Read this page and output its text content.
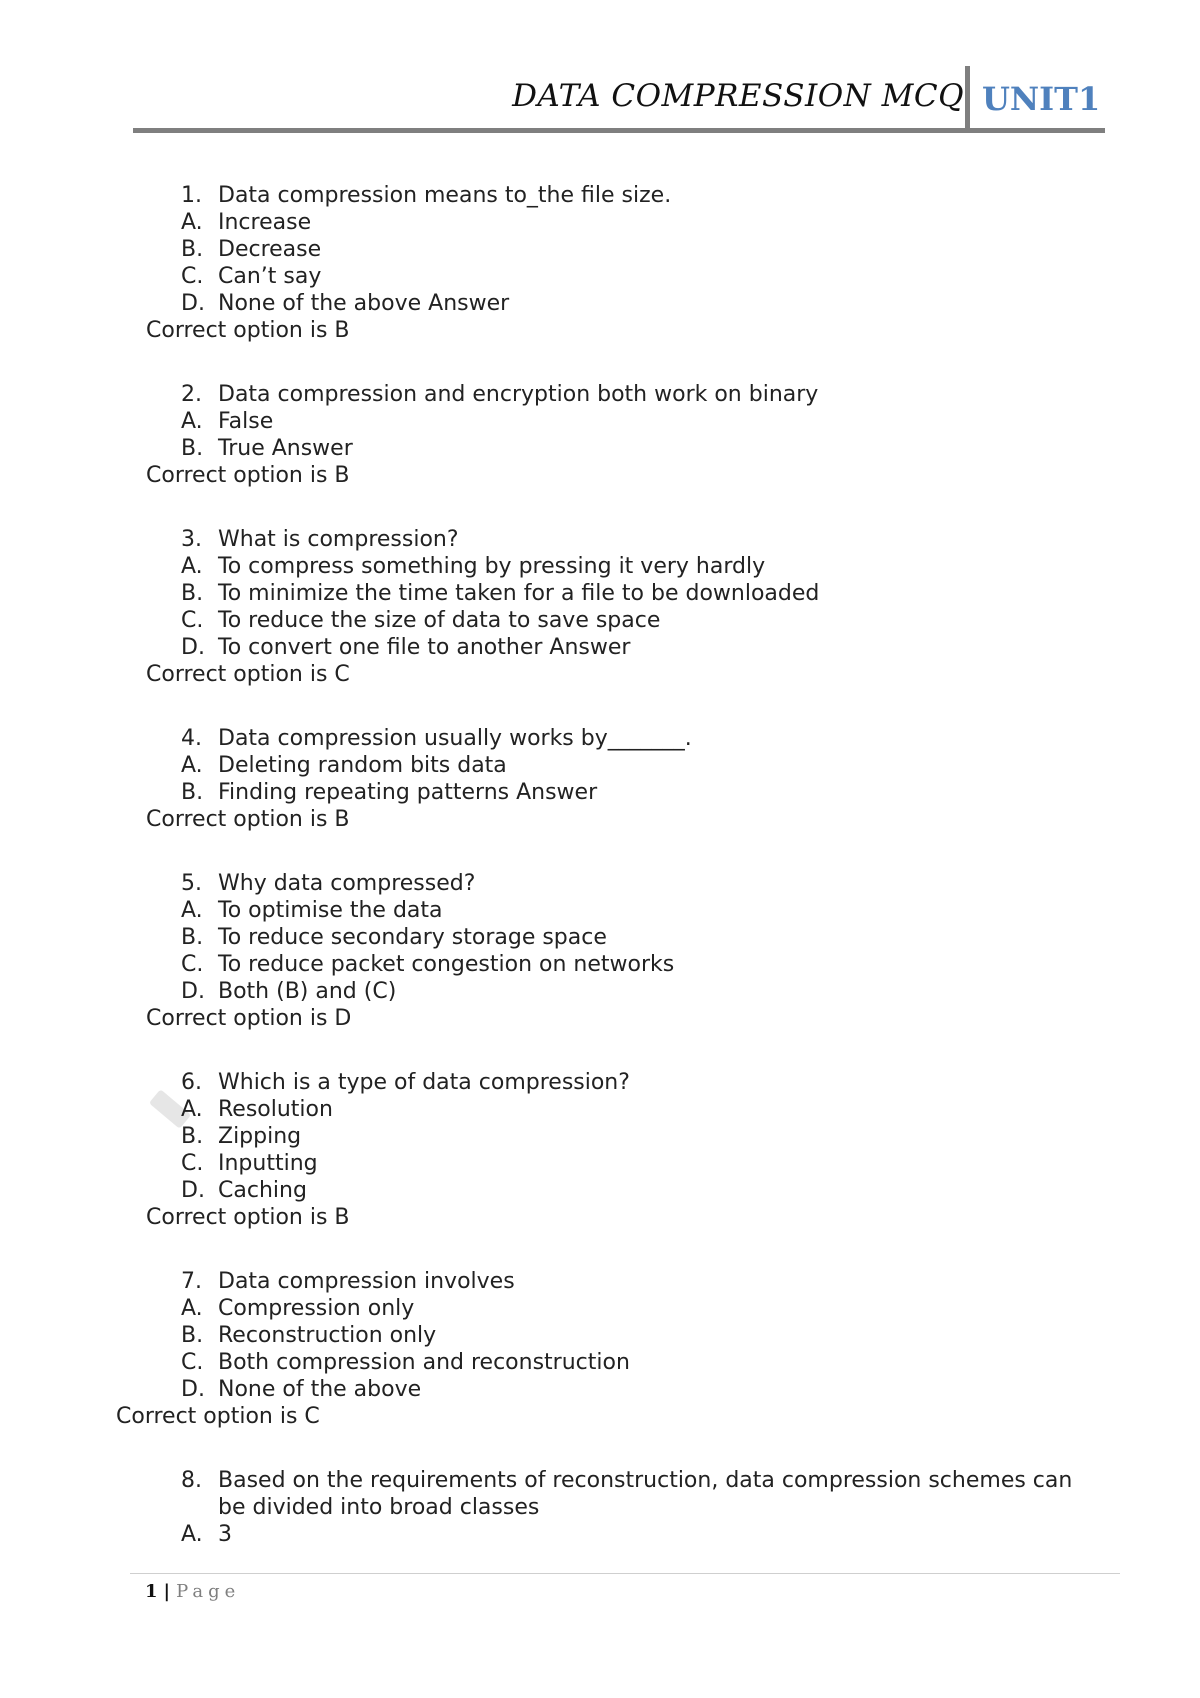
DATA COMPRESSION MCQ UNIT1
1. Data compression means to_the file size.
A. Increase
B. Decrease
C. Can’t say
D. None of the above Answer
Correct option is B
2. Data compression and encryption both work on binary
A. False
B. True Answer
Correct option is B
3. What is compression?
A. To compress something by pressing it very hardly
B. To minimize the time taken for a file to be downloaded
C. To reduce the size of data to save space
D. To convert one file to another Answer
Correct option is C
4. Data compression usually works by_______.
A. Deleting random bits data
B. Finding repeating patterns Answer
Correct option is B
5. Why data compressed?
A. To optimise the data
B. To reduce secondary storage space
C. To reduce packet congestion on networks
D. Both (B) and (C)
Correct option is D
6. Which is a type of data compression?
A. Resolution
B. Zipping
C. Inputting
D. Caching
Correct option is B
7. Data compression involves
A. Compression only
B. Reconstruction only
C. Both compression and reconstruction
D. None of the above
Correct option is C
8. Based on the requirements of reconstruction, data compression schemes can be divided into broad classes
A. 3
1 | Page
